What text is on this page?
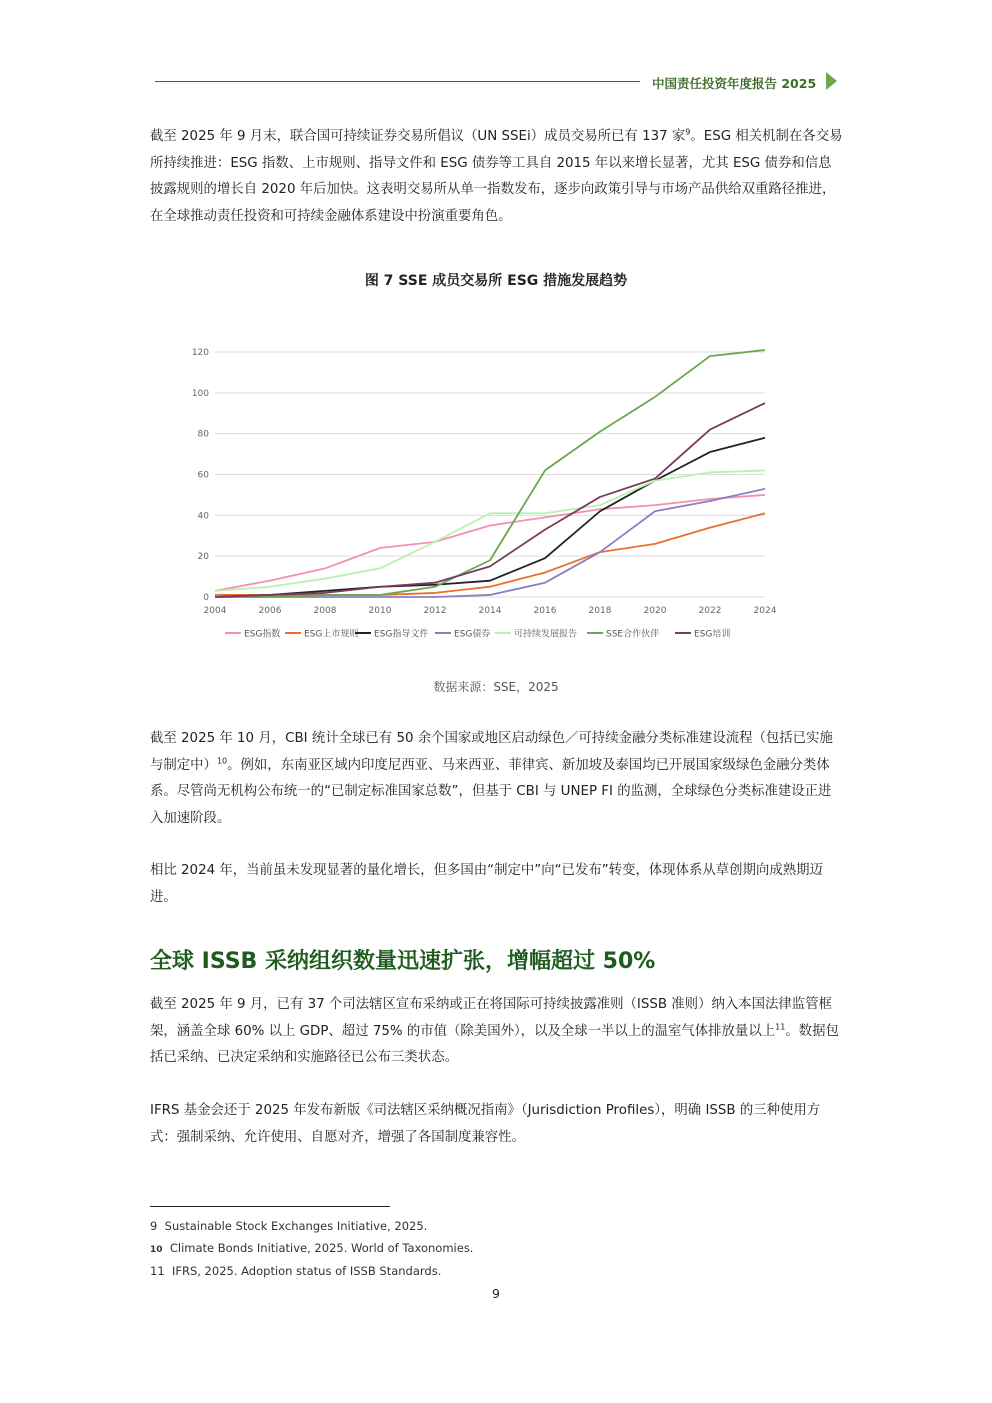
中国责任投资年度报告 2025

截至 2025 年 9 月末，联合国可持续证券交易所倡议（UN SSEi）成员交易所已有 137 家$^9$。ESG 相关机制在各交易所持续推进：ESG 指数、上市规则、指导文件和 ESG 债券等工具自 2015 年以来增长显著，尤其 ESG 债券和信息披露规则的增长自 2020 年后加快。这表明交易所从单一指数发布，逐步向政策引导与市场产品供给双重路径推进，在全球推动责任投资和可持续金融体系建设中扮演重要角色。

图 7 SSE 成员交易所 ESG 措施发展趋势
0
20
40
60
80
100
120
2004	2006	2008	2010	2012	2014	2016	2018	2020	2022	2024
ESG指数	ESG上市规则 ESG指导文件	ESG债券	可持续发展报告	SSE合作伙伴	ESG培训
数据来源：SSE，2025

截至 2025 年 10 月，CBI 统计全球已有 50 余个国家或地区启动绿色／可持续金融分类标准建设流程（包括已实施与制定中）$^{10}$。例如，东南亚区域内印度尼西亚、马来西亚、菲律宾、新加坡及泰国均已开展国家级绿色金融分类体系。尽管尚无机构公布统一的“已制定标准国家总数”，但基于 CBI 与 UNEP FI 的监测，全球绿色分类标准建设正进入加速阶段。

相比 2024 年，当前虽未发现显著的量化增长，但多国由“制定中”向“已发布”转变，体现体系从草创期向成熟期迈进。

全球 ISSB 采纳组织数量迅速扩张，增幅超过 50%

截至 2025 年 9 月，已有 37 个司法辖区宣布采纳或正在将国际可持续披露准则（ISSB 准则）纳入本国法律监管框架，涵盖全球 60% 以上 GDP、超过 75% 的市值（除美国外），以及全球一半以上的温室气体排放量以上$^{11}$。数据包括已采纳、已决定采纳和实施路径已公布三类状态。

IFRS 基金会还于 2025 年发布新版《司法辖区采纳概况指南》（Jurisdiction Profiles），明确 ISSB 的三种使用方式：强制采纳、允许使用、自愿对齐，增强了各国制度兼容性。

9 Sustainable Stock Exchanges Initiative, 2025.
10 Climate Bonds Initiative, 2025. World of Taxonomies.
11 IFRS, 2025. Adoption status of ISSB Standards.
9
